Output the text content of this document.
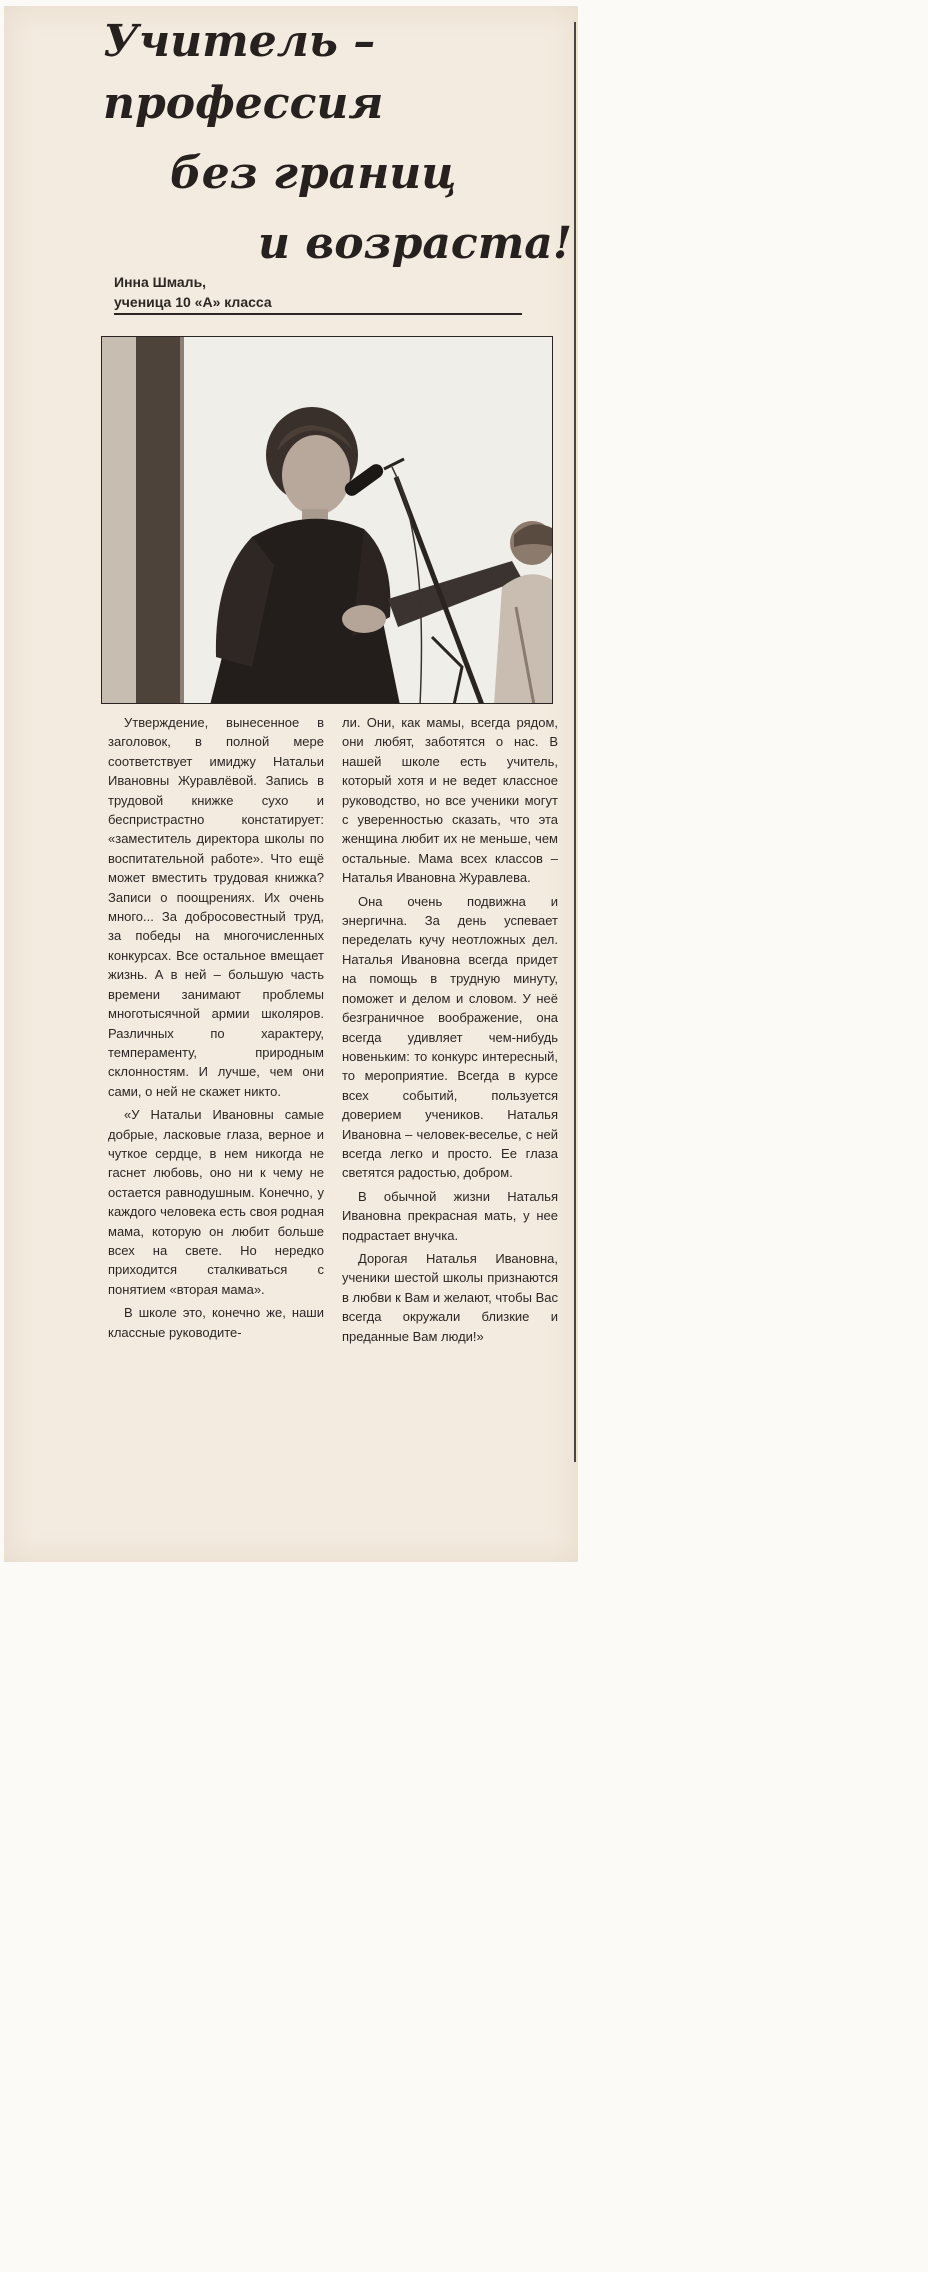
Учитель –
профессия
без границ
и возраста!
Инна Шмаль,
ученица 10 «А» класса

Утверждение, вынесенное в заголовок, в полной мере соответствует имиджу Натальи Ивановны Журавлёвой. Запись в трудовой книжке сухо и беспристрастно констатирует: «заместитель директора школы по воспитательной работе». Что ещё может вместить трудовая книжка? Записи о поощрениях. Их очень много... За добросовестный труд, за победы на многочисленных конкурсах. Все остальное вмещает жизнь. А в ней – большую часть времени занимают проблемы многотысячной армии школяров. Различных по характеру, темпераменту, природным склонностям. И лучше, чем они сами, о ней не скажет никто.

«У Натальи Ивановны самые добрые, ласковые глаза, верное и чуткое сердце, в нем никогда не гаснет любовь, оно ни к чему не остается равнодушным. Конечно, у каждого человека есть своя родная мама, которую он любит больше всех на свете. Но нередко приходится сталкиваться с понятием «вторая мама».

В школе это, конечно же, наши классные руководите-

ли. Они, как мамы, всегда рядом, они любят, заботятся о нас. В нашей школе есть учитель, который хотя и не ведет классное руководство, но все ученики могут с уверенностью сказать, что эта женщина любит их не меньше, чем остальные. Мама всех классов – Наталья Ивановна Журавлева.

Она очень подвижна и энергична. За день успевает переделать кучу неотложных дел. Наталья Ивановна всегда придет на помощь в трудную минуту, поможет и делом и словом. У неё безграничное воображение, она всегда удивляет чем-нибудь новеньким: то конкурс интересный, то мероприятие. Всегда в курсе всех событий, пользуется доверием учеников. Наталья Ивановна – человек-веселье, с ней всегда легко и просто. Ее глаза светятся радостью, добром.

В обычной жизни Наталья Ивановна прекрасная мать, у нее подрастает внучка.

Дорогая Наталья Ивановна, ученики шестой школы признаются в любви к Вам и желают, чтобы Вас всегда окружали близкие и преданные Вам люди!»
